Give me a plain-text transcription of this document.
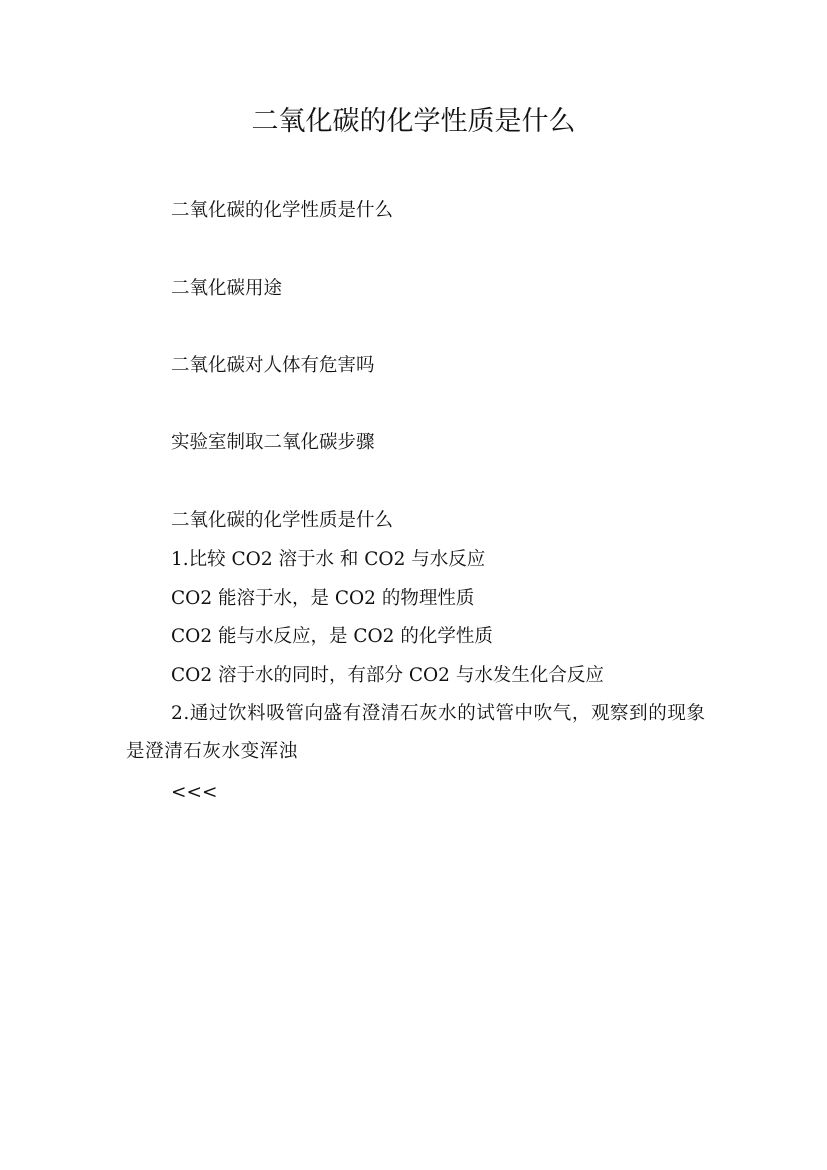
二氧化碳的化学性质是什么

二氧化碳的化学性质是什么

二氧化碳用途

二氧化碳对人体有危害吗

实验室制取二氧化碳步骤

二氧化碳的化学性质是什么

1.比较 CO2 溶于水 和 CO2 与水反应

CO2 能溶于水，是 CO2 的物理性质

CO2 能与水反应，是 CO2 的化学性质

CO2 溶于水的同时，有部分 CO2 与水发生化合反应

2.通过饮料吸管向盛有澄清石灰水的试管中吹气，观察到的现象是澄清石灰水变浑浊

<<<
